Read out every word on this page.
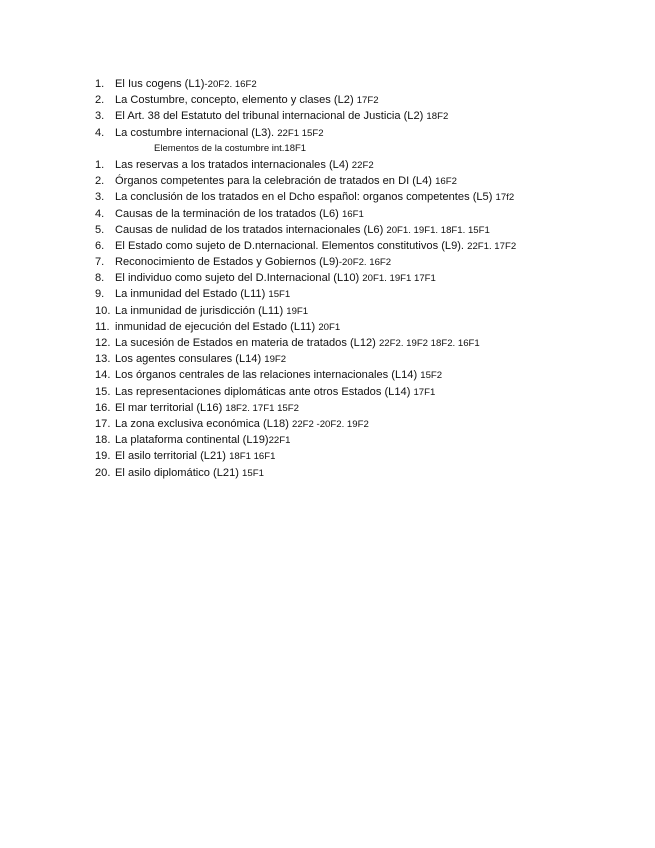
1. El Ius cogens (L1)-20F2. 16F2
2. La Costumbre, concepto, elemento y clases (L2) 17F2
3. El Art. 38 del Estatuto del tribunal internacional de Justicia (L2) 18F2
4. La costumbre internacional (L3). 22F1 15F2
Elementos de la costumbre int.18F1
1. Las reservas a los tratados internacionales (L4) 22F2
2. Órganos competentes para la celebración de tratados en DI (L4) 16F2
3. La conclusión de los tratados en el Dcho español: organos competentes (L5) 17f2
4. Causas de la terminación de los tratados (L6) 16F1
5. Causas de nulidad de los tratados internacionales (L6) 20F1. 19F1. 18F1. 15F1
6. El Estado como sujeto de D.nternacional. Elementos constitutivos (L9). 22F1. 17F2
7. Reconocimiento de Estados y Gobiernos (L9)-20F2. 16F2
8. El individuo como sujeto del D.Internacional (L10) 20F1. 19F1 17F1
9. La inmunidad del Estado (L11) 15F1
10. La inmunidad de jurisdicción (L11) 19F1
11. inmunidad de ejecución del Estado (L11) 20F1
12. La sucesión de Estados en materia de tratados (L12) 22F2. 19F2 18F2. 16F1
13. Los agentes consulares (L14) 19F2
14. Los órganos centrales de las relaciones internacionales (L14) 15F2
15. Las representaciones diplomáticas ante otros Estados (L14) 17F1
16. El mar territorial (L16) 18F2. 17F1 15F2
17. La zona exclusiva económica (L18) 22F2 -20F2. 19F2
18. La plataforma continental (L19)22F1
19. El asilo territorial (L21) 18F1 16F1
20. El asilo diplomático (L21) 15F1
